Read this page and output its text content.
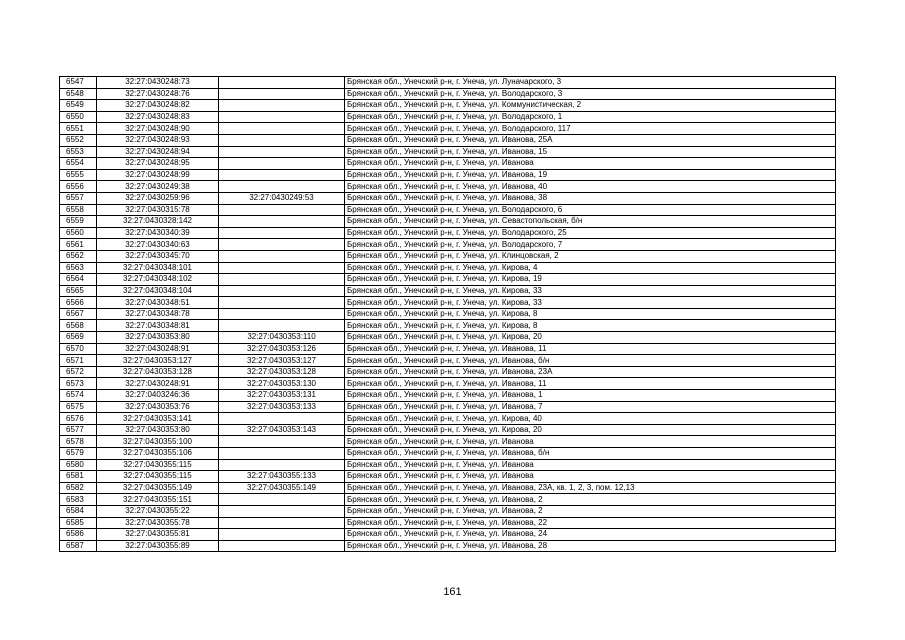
6547	32:27:0430248:73		Брянская обл., Унечский р-н, г. Унеча, ул. Луначарского, 3
6548	32:27:0430248:76		Брянская обл., Унечский р-н, г. Унеча, ул. Володарского, 3
6549	32:27:0430248:82		Брянская обл., Унечский р-н, г. Унеча, ул. Коммунистическая, 2
6550	32:27:0430248:83		Брянская обл., Унечский р-н, г. Унеча, ул. Володарского, 1
6551	32:27:0430248:90		Брянская обл., Унечский р-н, г. Унеча, ул. Володарского, 117
6552	32:27:0430248:93		Брянская обл., Унечский р-н, г. Унеча, ул. Иванова, 25А
6553	32:27:0430248:94		Брянская обл., Унечский р-н, г. Унеча, ул. Иванова, 15
6554	32:27:0430248:95		Брянская обл., Унечский р-н, г. Унеча, ул. Иванова
6555	32:27:0430248:99		Брянская обл., Унечский р-н, г. Унеча, ул. Иванова, 19
6556	32:27:0430249:38		Брянская обл., Унечский р-н, г. Унеча, ул. Иванова, 40
6557	32:27:0430259:96	32:27:0430249:53	Брянская обл., Унечский р-н, г. Унеча, ул. Иванова, 38
6558	32:27:0430315:78		Брянская обл., Унечский р-н, г. Унеча, ул. Володарского, 6
6559	32:27:0430328:142		Брянская обл., Унечский р-н, г. Унеча, ул. Севастопольская, б/н
6560	32:27:0430340:39		Брянская обл., Унечский р-н, г. Унеча, ул. Володарского, 25
6561	32:27:0430340:63		Брянская обл., Унечский р-н, г. Унеча, ул. Володарского, 7
6562	32:27:0430345:70		Брянская обл., Унечский р-н, г. Унеча, ул. Клинцовская, 2
6563	32:27:0430348:101		Брянская обл., Унечский р-н, г. Унеча, ул. Кирова, 4
6564	32:27:0430348:102		Брянская обл., Унечский р-н, г. Унеча, ул. Кирова, 19
6565	32:27:0430348:104		Брянская обл., Унечский р-н, г. Унеча, ул. Кирова, 33
6566	32:27:0430348:51		Брянская обл., Унечский р-н, г. Унеча, ул. Кирова, 33
6567	32:27:0430348:78		Брянская обл., Унечский р-н, г. Унеча, ул. Кирова, 8
6568	32:27:0430348:81		Брянская обл., Унечский р-н, г. Унеча, ул. Кирова, 8
6569	32:27:0430353:80	32:27:0430353:110	Брянская обл., Унечский р-н, г. Унеча, ул. Кирова, 20
6570	32:27:0430248:91	32:27:0430353:126	Брянская обл., Унечский р-н, г. Унеча, ул. Иванова, 11
6571	32:27:0430353:127	32:27:0430353:127	Брянская обл., Унечский р-н, г. Унеча, ул. Иванова, б/н
6572	32:27:0430353:128	32:27:0430353:128	Брянская обл., Унечский р-н, г. Унеча, ул. Иванова, 23А
6573	32:27:0430248:91	32:27:0430353:130	Брянская обл., Унечский р-н, г. Унеча, ул. Иванова, 11
6574	32:27:0403246:36	32:27:0430353:131	Брянская обл., Унечский р-н, г. Унеча, ул. Иванова, 1
6575	32:27:0430353:76	32:27:0430353:133	Брянская обл., Унечский р-н, г. Унеча, ул. Иванова, 7
6576	32:27:0430353:141		Брянская обл., Унечский р-н, г. Унеча, ул. Кирова, 40
6577	32:27:0430353:80	32:27:0430353:143	Брянская обл., Унечский р-н, г. Унеча, ул. Кирова, 20
6578	32:27:0430355:100		Брянская обл., Унечский р-н, г. Унеча, ул. Иванова
6579	32:27:0430355:106		Брянская обл., Унечский р-н, г. Унеча, ул. Иванова, б/н
6580	32:27:0430355:115		Брянская обл., Унечский р-н, г. Унеча, ул. Иванова
6581	32:27:0430355:115	32:27:0430355:133	Брянская обл., Унечский р-н, г. Унеча, ул. Иванова
6582	32:27:0430355:149	32:27:0430355:149	Брянская обл., Унечский р-н, г. Унеча, ул. Иванова, 23А, кв. 1, 2, 3, пом. 12,13
6583	32:27:0430355:151		Брянская обл., Унечский р-н, г. Унеча, ул. Иванова, 2
6584	32:27:0430355:22		Брянская обл., Унечский р-н, г. Унеча, ул. Иванова, 2
6585	32:27:0430355:78		Брянская обл., Унечский р-н, г. Унеча, ул. Иванова, 22
6586	32:27:0430355:81		Брянская обл., Унечский р-н, г. Унеча, ул. Иванова, 24
6587	32:27:0430355:89		Брянская обл., Унечский р-н, г. Унеча, ул. Иванова, 28
161
